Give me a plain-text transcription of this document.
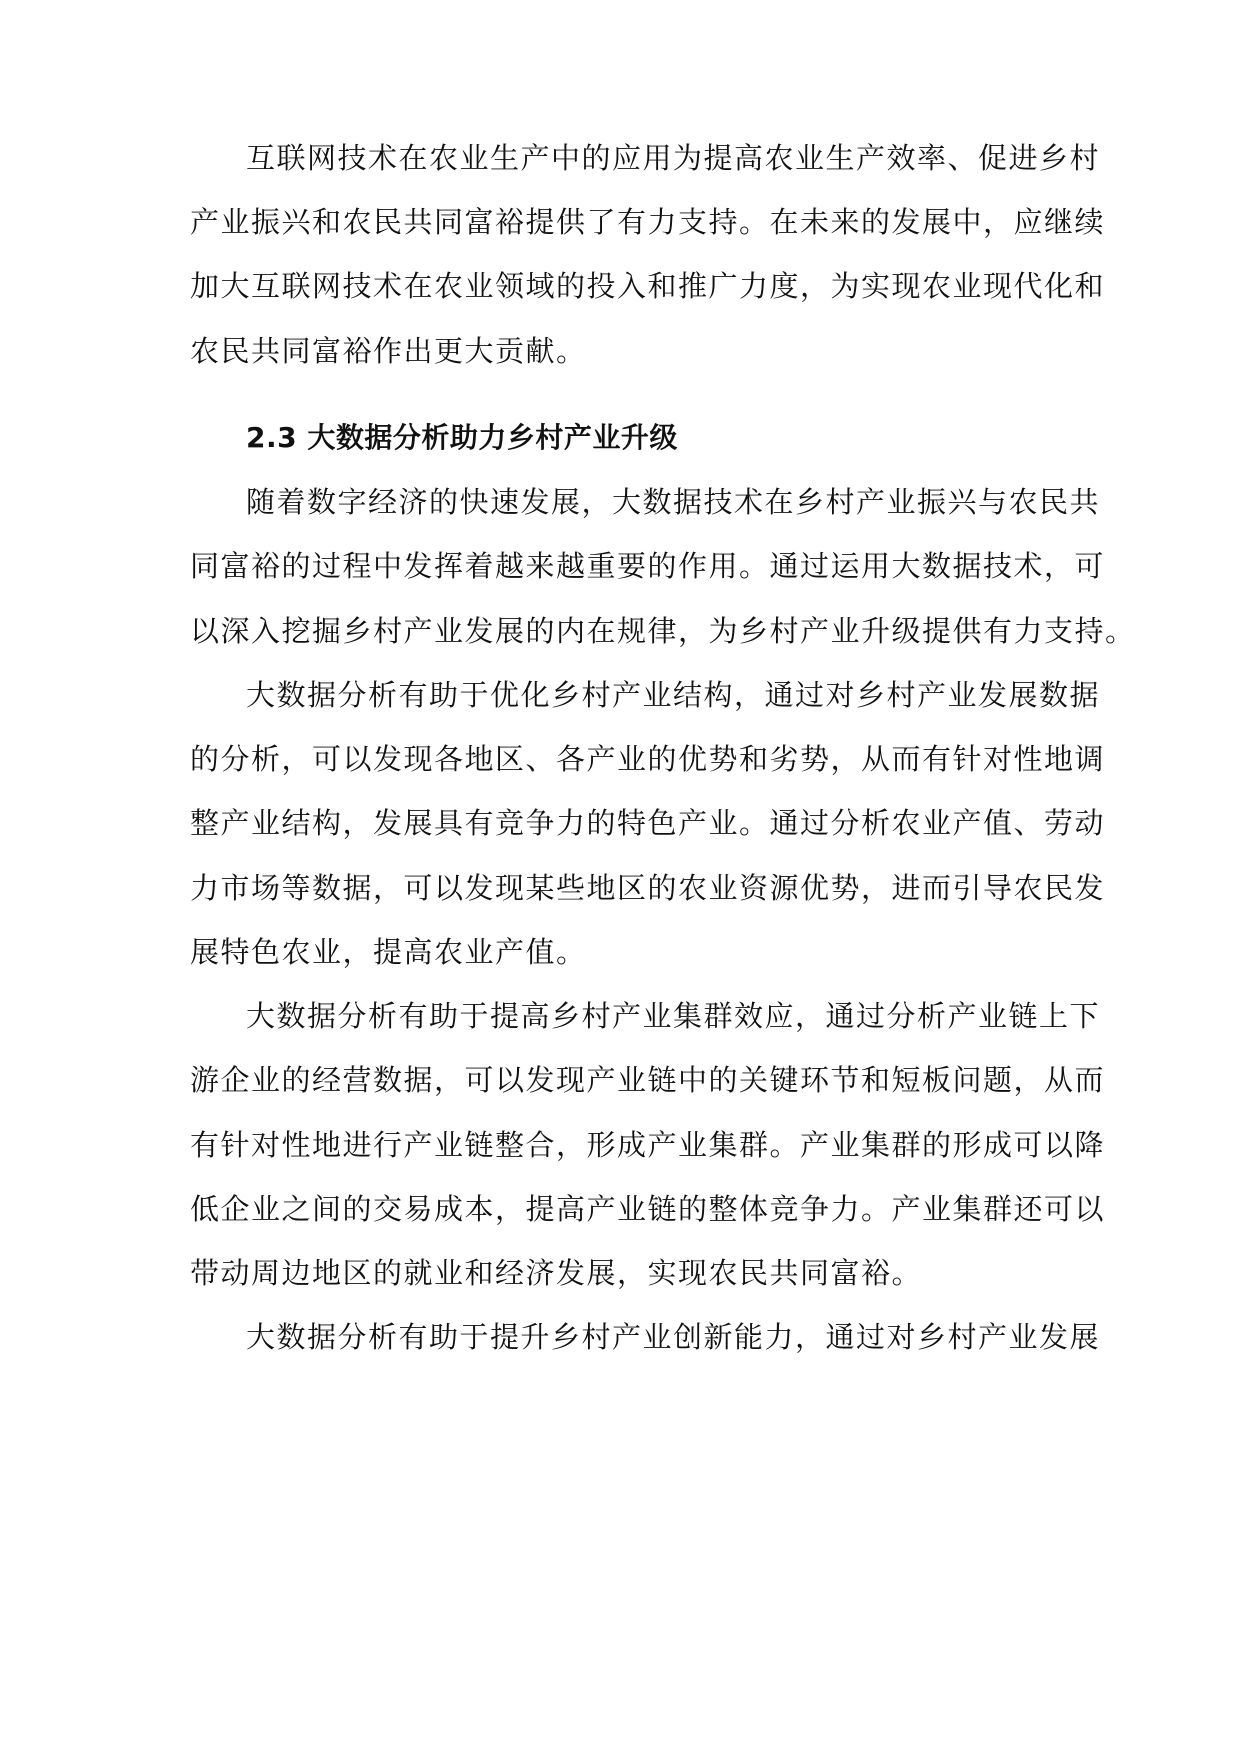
互联网技术在农业生产中的应用为提高农业生产效率、促进乡村

产业振兴和农民共同富裕提供了有力支持。在未来的发展中，应继续

加大互联网技术在农业领域的投入和推广力度，为实现农业现代化和

农民共同富裕作出更大贡献。

2.3 大数据分析助力乡村产业升级

随着数字经济的快速发展，大数据技术在乡村产业振兴与农民共

同富裕的过程中发挥着越来越重要的作用。通过运用大数据技术，可

以深入挖掘乡村产业发展的内在规律，为乡村产业升级提供有力支持。

大数据分析有助于优化乡村产业结构，通过对乡村产业发展数据

的分析，可以发现各地区、各产业的优势和劣势，从而有针对性地调

整产业结构，发展具有竞争力的特色产业。通过分析农业产值、劳动

力市场等数据，可以发现某些地区的农业资源优势，进而引导农民发

展特色农业，提高农业产值。

大数据分析有助于提高乡村产业集群效应，通过分析产业链上下

游企业的经营数据，可以发现产业链中的关键环节和短板问题，从而

有针对性地进行产业链整合，形成产业集群。产业集群的形成可以降

低企业之间的交易成本，提高产业链的整体竞争力。产业集群还可以

带动周边地区的就业和经济发展，实现农民共同富裕。

大数据分析有助于提升乡村产业创新能力，通过对乡村产业发展
